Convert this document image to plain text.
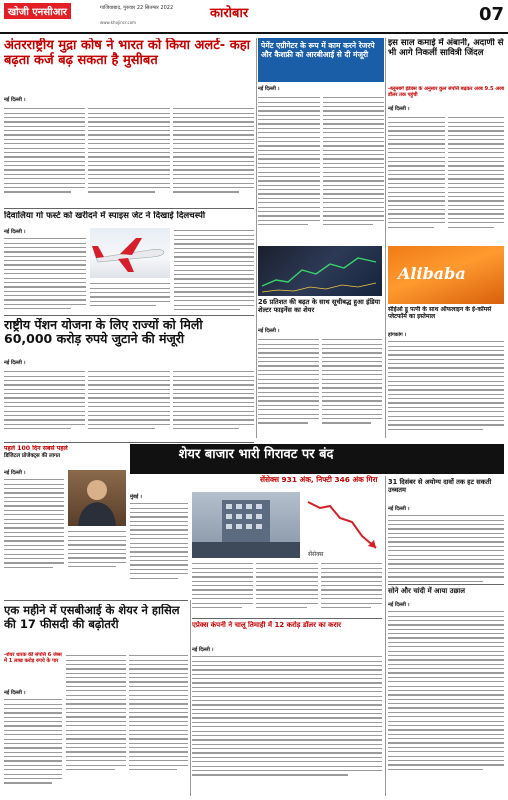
खोजी एनसीआर	गाजियाबाद, गुरुवार 22 सितम्बर 2022
www.khojincr.com
कारोबार	07
अंतरराष्ट्रीय मुद्रा कोष ने भारत को किया अलर्ट- कहा बढ़ता कर्ज बढ़ सकता है मुसीबत
नई दिल्ली ।
पेमेंट एग्रीगेटर के रूप में काम करने रेजरपे और कैशफ्री को आरबीआई से दी मंजूरी
नई दिल्ली ।
इस साल कमाई में अंबानी, अदाणी से भी आगे निकलीं सावित्री जिंदल
-ब्लूमबर्ग इंडेक्स के अनुसार कुल संपत्ति बढ़कर अरब 9.5 अरब डॉलर तक पहुंची
नई दिल्ली ।
दिवालिया गो फर्स्ट को खरीदने में स्पाइस जेट ने दिखाई दिलचस्पी
नई दिल्ली ।
राष्ट्रीय पेंशन योजना के लिए राज्यों को मिली 60,000 करोड़ रुपये जुटाने की मंजूरी
नई दिल्ली ।
26 प्रतिशत की बढ़त के साथ सूचीबद्ध हुआ इंडिया शेल्टर फाइनेंस का शेयर
नई दिल्ली ।
Alibaba
सीईओ डू पत्नी के साथ ऑफलाइन के ई-कॉमर्स प्लेटफॉर्म का इस्तेमाल
हांगकांग ।
पहले 100 दिन सबसे पहले
डिजिटल प्रोजेक्ट्स की लागत
नई दिल्ली ।
शेयर बाजार भारी गिरावट पर बंद
सेंसेक्स 931 अंक, निफ्टी 346 अंक गिरा
मुंबई ।
सेंसेक्स
31 दिसंबर से अयोग्य दावों तक हट सकती उच्चतम
नई दिल्ली ।
सोने और चांदी में आया उछाल
नई दिल्ली ।
एप्रेक्स कंपनी ने चालू तिमाही में 12 करोड़ डॉलर का करार
नई दिल्ली ।
एक महीने में एसबीआई के शेयर ने हासिल की 17 फीसदी की बढ़ोतरी
-शेयर धारक की संपत्ति 6 जेब्स में 1 लाख करोड़ रुपये के पार
नई दिल्ली ।
